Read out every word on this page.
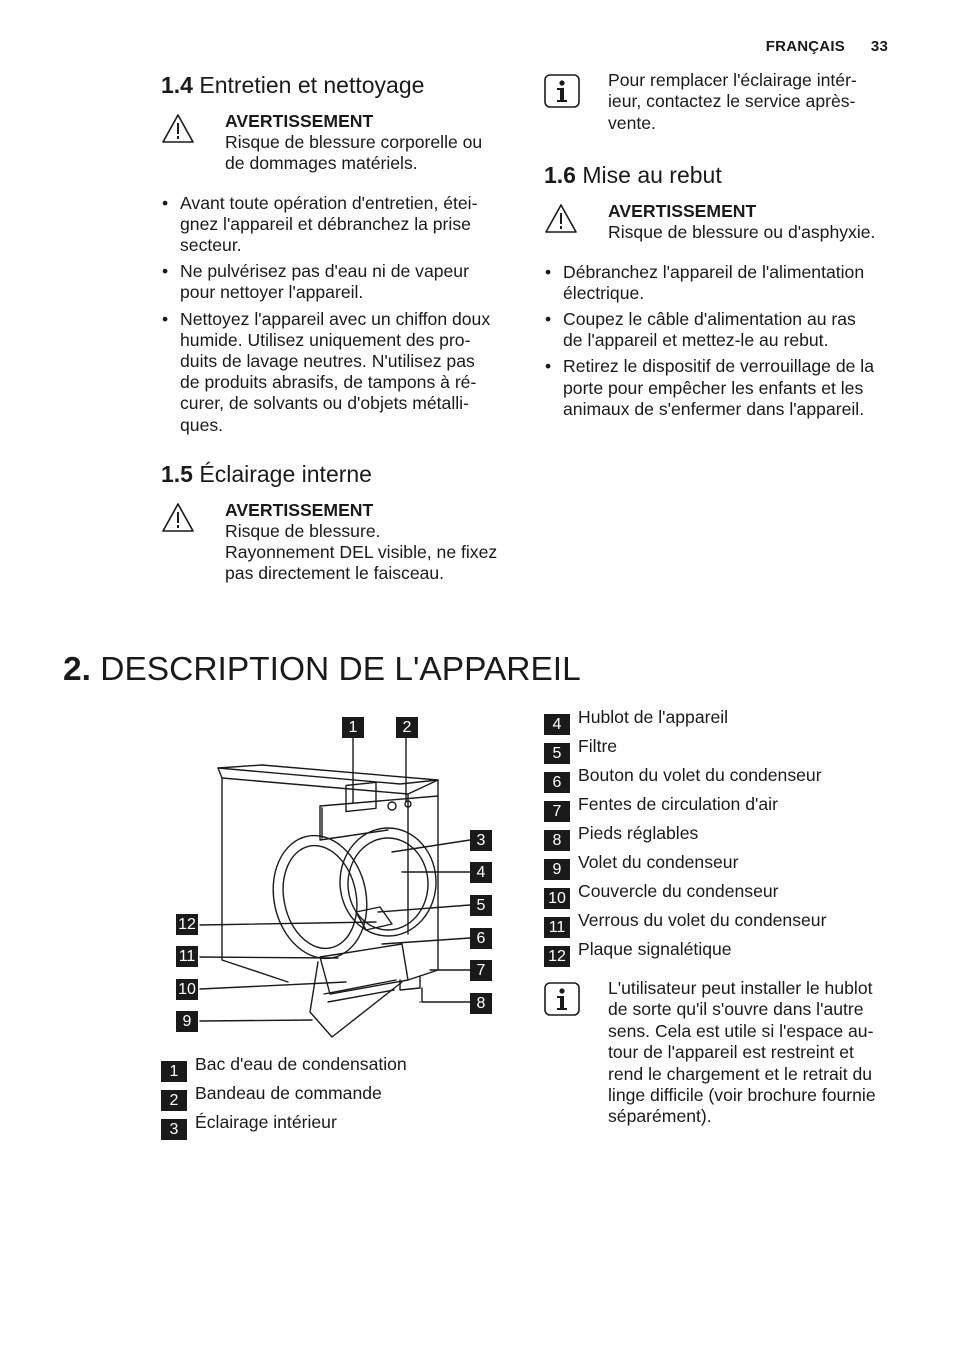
FRANÇAIS 33
1.4 Entretien et nettoyage
AVERTISSEMENT
Risque de blessure corporelle ou
de dommages matériels.
• Avant toute opération d'entretien, étei-
gnez l'appareil et débranchez la prise
secteur.
• Ne pulvérisez pas d'eau ni de vapeur
pour nettoyer l'appareil.
• Nettoyez l'appareil avec un chiffon doux
humide. Utilisez uniquement des pro-
duits de lavage neutres. N'utilisez pas
de produits abrasifs, de tampons à ré-
curer, de solvants ou d'objets métalli-
ques.
1.5 Éclairage interne
AVERTISSEMENT
Risque de blessure.
Rayonnement DEL visible, ne fixez
pas directement le faisceau.
Pour remplacer l'éclairage intér-
ieur, contactez le service après-
vente.
1.6 Mise au rebut
AVERTISSEMENT
Risque de blessure ou d'asphyxie.
• Débranchez l'appareil de l'alimentation
électrique.
• Coupez le câble d'alimentation au ras
de l'appareil et mettez-le au rebut.
• Retirez le dispositif de verrouillage de la
porte pour empêcher les enfants et les
animaux de s'enfermer dans l'appareil.
2. DESCRIPTION DE L'APPAREIL
1	2
3
4
5
6
7
8
9
10
11
12
1 Bac d'eau de condensation
2 Bandeau de commande
3 Éclairage intérieur
4 Hublot de l'appareil
5 Filtre
6 Bouton du volet du condenseur
7 Fentes de circulation d'air
8 Pieds réglables
9 Volet du condenseur
10 Couvercle du condenseur
11 Verrous du volet du condenseur
12 Plaque signalétique
L'utilisateur peut installer le hublot
de sorte qu'il s'ouvre dans l'autre
sens. Cela est utile si l'espace au-
tour de l'appareil est restreint et
rend le chargement et le retrait du
linge difficile (voir brochure fournie
séparément).
